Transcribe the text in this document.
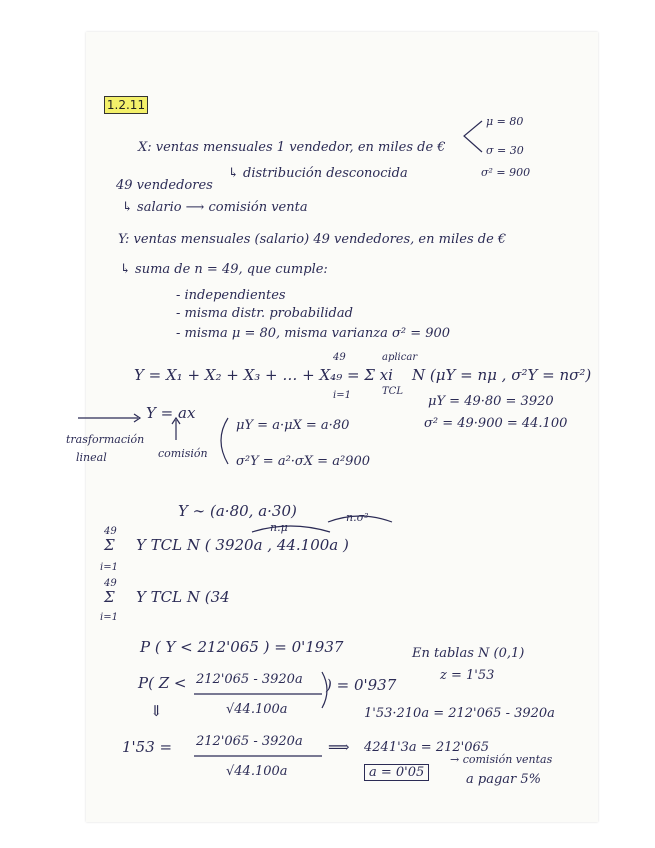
1.2.11
X: ventas mensuales 1 vendedor, en miles de €
μ = 80
σ = 30
σ² = 900
49 vendedores
↳ distribución desconocida
↳ salario ⟶ comisión venta
Y: ventas mensuales (salario) 49 vendedores, en miles de €
↳ suma de n = 49, que cumple:
- independientes
- misma distr. probabilidad
- misma μ = 80, misma varianza σ² = 900
Y = X₁ + X₂ + X₃ + … + X₄₉ = Σ xi
49
i=1
aplicar
TCL
N (μY = nμ , σ²Y = nσ²)
μY = 49·80 = 3920
σ² = 49·900 = 44.100
Y = ax
trasformación
lineal	comisión
μY = a·μX = a·80
σ²Y = a²·σX = a²900
Y ∼ (a·80, a·30)
n.μ
n.σ²
49
Σ
i=1
Y TCL N ( 3920a , 44.100a )
49
Σ
i=1
Y TCL N (34
P ( Y < 212'065 ) = 0'1937	En tablas N (0,1)
z = 1'53
P( Z < 212'065 - 3920a
√44.100a
) = 0'937
1'53·210a = 212'065 - 3920a
⇓
1'53 = 212'065 - 3920a
√44.100a
⟹ 4241'3a = 212'065
a = 0'05
→ comisión ventas
a pagar 5%
